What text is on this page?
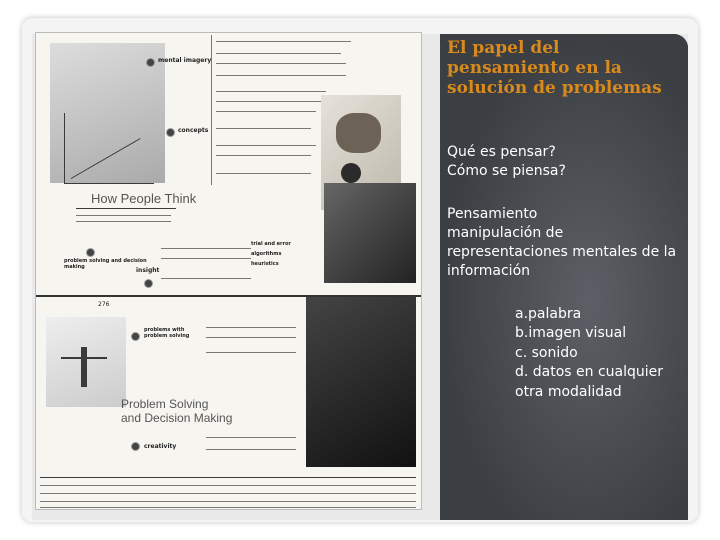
mental imagery
concepts
How People Think
problem solving and decision making	insight
trial and error
algorithms
heuristics
276
problems with problem solving
Problem Solving
and Decision Making
creativity
El papel del pensamiento en la solución de problemas

Qué es pensar?
Cómo se piensa?

Pensamiento

manipulación de representaciones mentales de la información

a.palabra
b.imagen visual
c. sonido
d. datos en cualquier otra modalidad
